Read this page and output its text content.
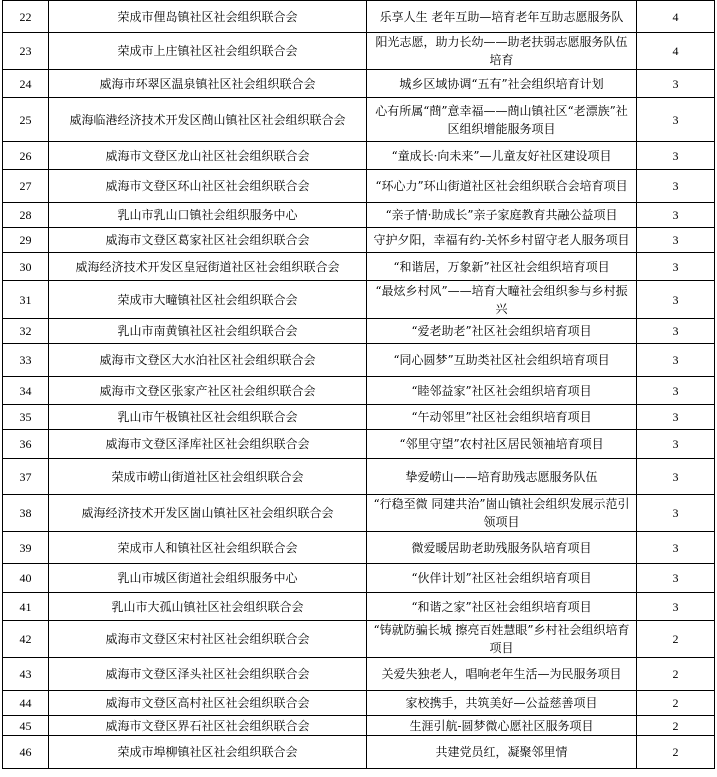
22	荣成市俚岛镇社区社会组织联合会	乐享人生 老年互助—培育老年互助志愿服务队	4
23	荣成市上庄镇社区社会组织联合会	阳光志愿，助力长幼——助老扶弱志愿服务队伍培育	4
24	威海市环翠区温泉镇社区社会组织联合会	城乡区域协调“五有”社会组织培育计划	3
25	威海临港经济技术开发区蔄山镇社区社会组织联合会	心有所属“蔄”意幸福——蔄山镇社区“老漂族”社区组织增能服务项目	3
26	威海市文登区龙山社区社会组织联合会	“童成长·向未来”—儿童友好社区建设项目	3
27	威海市文登区环山社区社会组织联合会	“环心力”环山街道社区社会组织联合会培育项目	3
28	乳山市乳山口镇社会组织服务中心	“亲子情·助成长”亲子家庭教育共融公益项目	3
29	威海市文登区葛家社区社会组织联合会	守护夕阳，幸福有约-关怀乡村留守老人服务项目	3
30	威海经济技术开发区皇冠街道社区社会组织联合会	“和谐居，万象新”社区社会组织培育项目	3
31	荣成市大疃镇社区社会组织联合会	“最炫乡村风”——培育大疃社会组织参与乡村振兴	3
32	乳山市南黄镇社区社会组织联合会	“爱老助老”社区社会组织培育项目	3
33	威海市文登区大水泊社区社会组织联合会	“同心圆梦”互助类社区社会组织培育项目	3
34	威海市文登区张家产社区社会组织联合会	“睦邻益家”社区社会组织培育项目	3
35	乳山市午极镇社区社会组织联合会	“午动邻里”社区社会组织培育项目	3
36	威海市文登区泽库社区社会组织联合会	“邻里守望”农村社区居民领袖培育项目	3
37	荣成市崂山街道社区社会组织联合会	挚爱崂山——培育助残志愿服务队伍	3
38	威海经济技术开发区崮山镇社区社会组织联合会	“行稳至微 同建共治”崮山镇社会组织发展示范引领项目	3
39	荣成市人和镇社区社会组织联合会	微爱暖居助老助残服务队培育项目	3
40	乳山市城区街道社会组织服务中心	“伙伴计划”社区社会组织培育项目	3
41	乳山市大孤山镇社区社会组织联合会	“和谐之家”社区社会组织培育项目	3
42	威海市文登区宋村社区社会组织联合会	“铸就防骗长城 擦亮百姓慧眼”乡村社会组织培育项目	2
43	威海市文登区泽头社区社会组织联合会	关爱失独老人，唱响老年生活—为民服务项目	2
44	威海市文登区高村社区社会组织联合会	家校携手，共筑美好—公益慈善项目	2
45	威海市文登区界石社区社会组织联合会	生涯引航-圆梦微心愿社区服务项目	2
46	荣成市埠柳镇社区社会组织联合会	共建党员红，凝聚邻里情	2
